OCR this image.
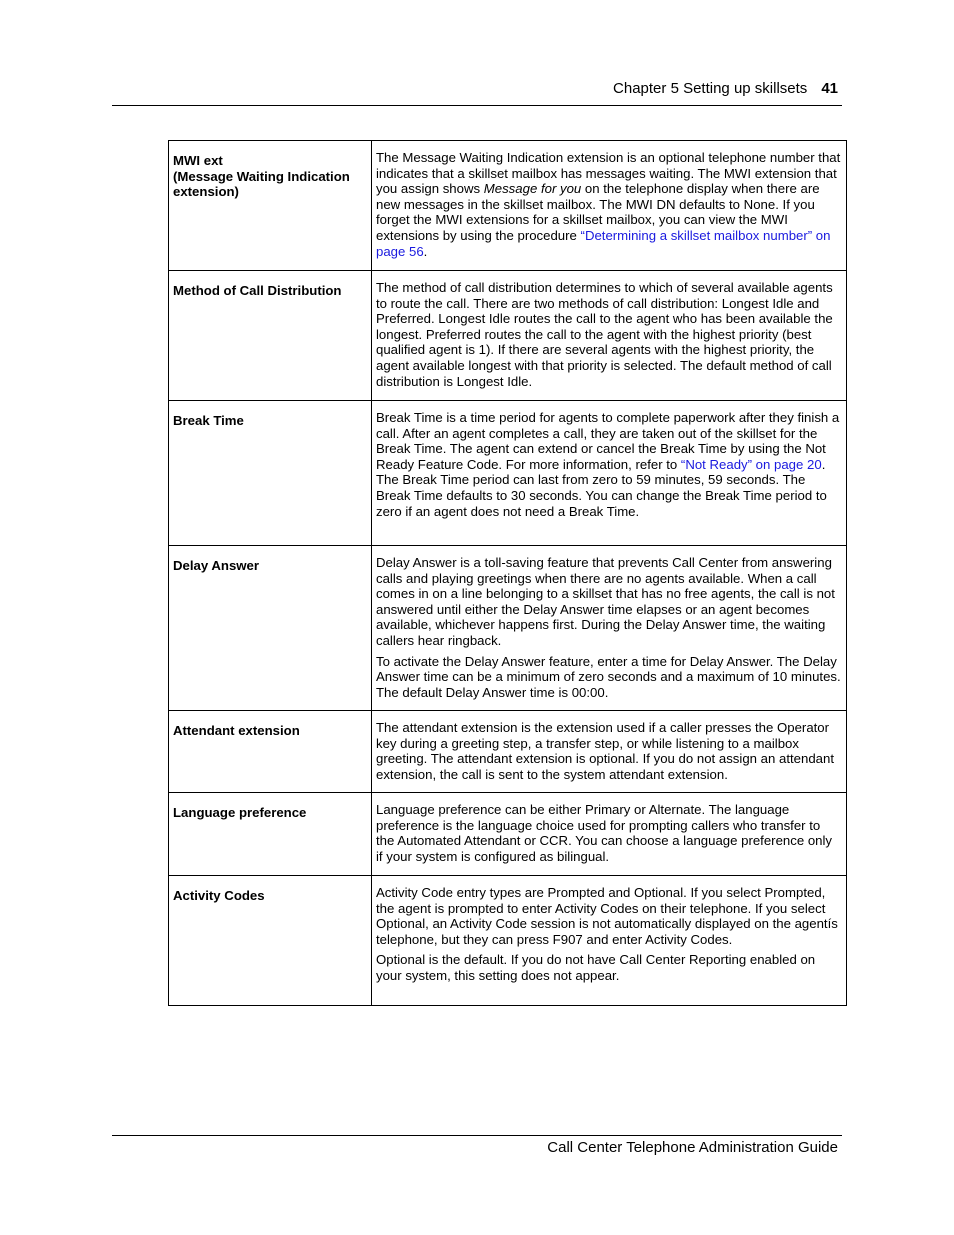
Chapter 5 Setting up skillsets 41
MWI ext
(Message Waiting Indication extension)	The Message Waiting Indication extension is an optional telephone number that indicates that a skillset mailbox has messages waiting. The MWI extension that you assign shows Message for you on the telephone display when there are new messages in the skillset mailbox. The MWI DN defaults to None. If you forget the MWI extensions for a skillset mailbox, you can view the MWI extensions by using the procedure “Determining a skillset mailbox number” on page 56.

Method of Call Distribution	The method of call distribution determines to which of several available agents to route the call. There are two methods of call distribution: Longest Idle and Preferred. Longest Idle routes the call to the agent who has been available the longest. Preferred routes the call to the agent with the highest priority (best qualified agent is 1). If there are several agents with the highest priority, the agent available longest with that priority is selected. The default method of call distribution is Longest Idle.

Break Time	Break Time is a time period for agents to complete paperwork after they finish a call. After an agent completes a call, they are taken out of the skillset for the Break Time. The agent can extend or cancel the Break Time by using the Not Ready Feature Code. For more information, refer to “Not Ready” on page 20. The Break Time period can last from zero to 59 minutes, 59 seconds. The Break Time defaults to 30 seconds. You can change the Break Time period to zero if an agent does not need a Break Time.

Delay Answer	Delay Answer is a toll-saving feature that prevents Call Center from answering calls and playing greetings when there are no agents available. When a call comes in on a line belonging to a skillset that has no free agents, the call is not answered until either the Delay Answer time elapses or an agent becomes available, whichever happens first. During the Delay Answer time, the waiting callers hear ringback.

To activate the Delay Answer feature, enter a time for Delay Answer. The Delay Answer time can be a minimum of zero seconds and a maximum of 10 minutes. The default Delay Answer time is 00:00.

Attendant extension	The attendant extension is the extension used if a caller presses the Operator key during a greeting step, a transfer step, or while listening to a mailbox greeting. The attendant extension is optional. If you do not assign an attendant extension, the call is sent to the system attendant extension.

Language preference	Language preference can be either Primary or Alternate. The language preference is the language choice used for prompting callers who transfer to the Automated Attendant or CCR. You can choose a language preference only if your system is configured as bilingual.

Activity Codes	Activity Code entry types are Prompted and Optional. If you select Prompted, the agent is prompted to enter Activity Codes on their telephone. If you select Optional, an Activity Code session is not automatically displayed on the agentís telephone, but they can press F907 and enter Activity Codes.

Optional is the default. If you do not have Call Center Reporting enabled on your system, this setting does not appear.

Call Center Telephone Administration Guide
